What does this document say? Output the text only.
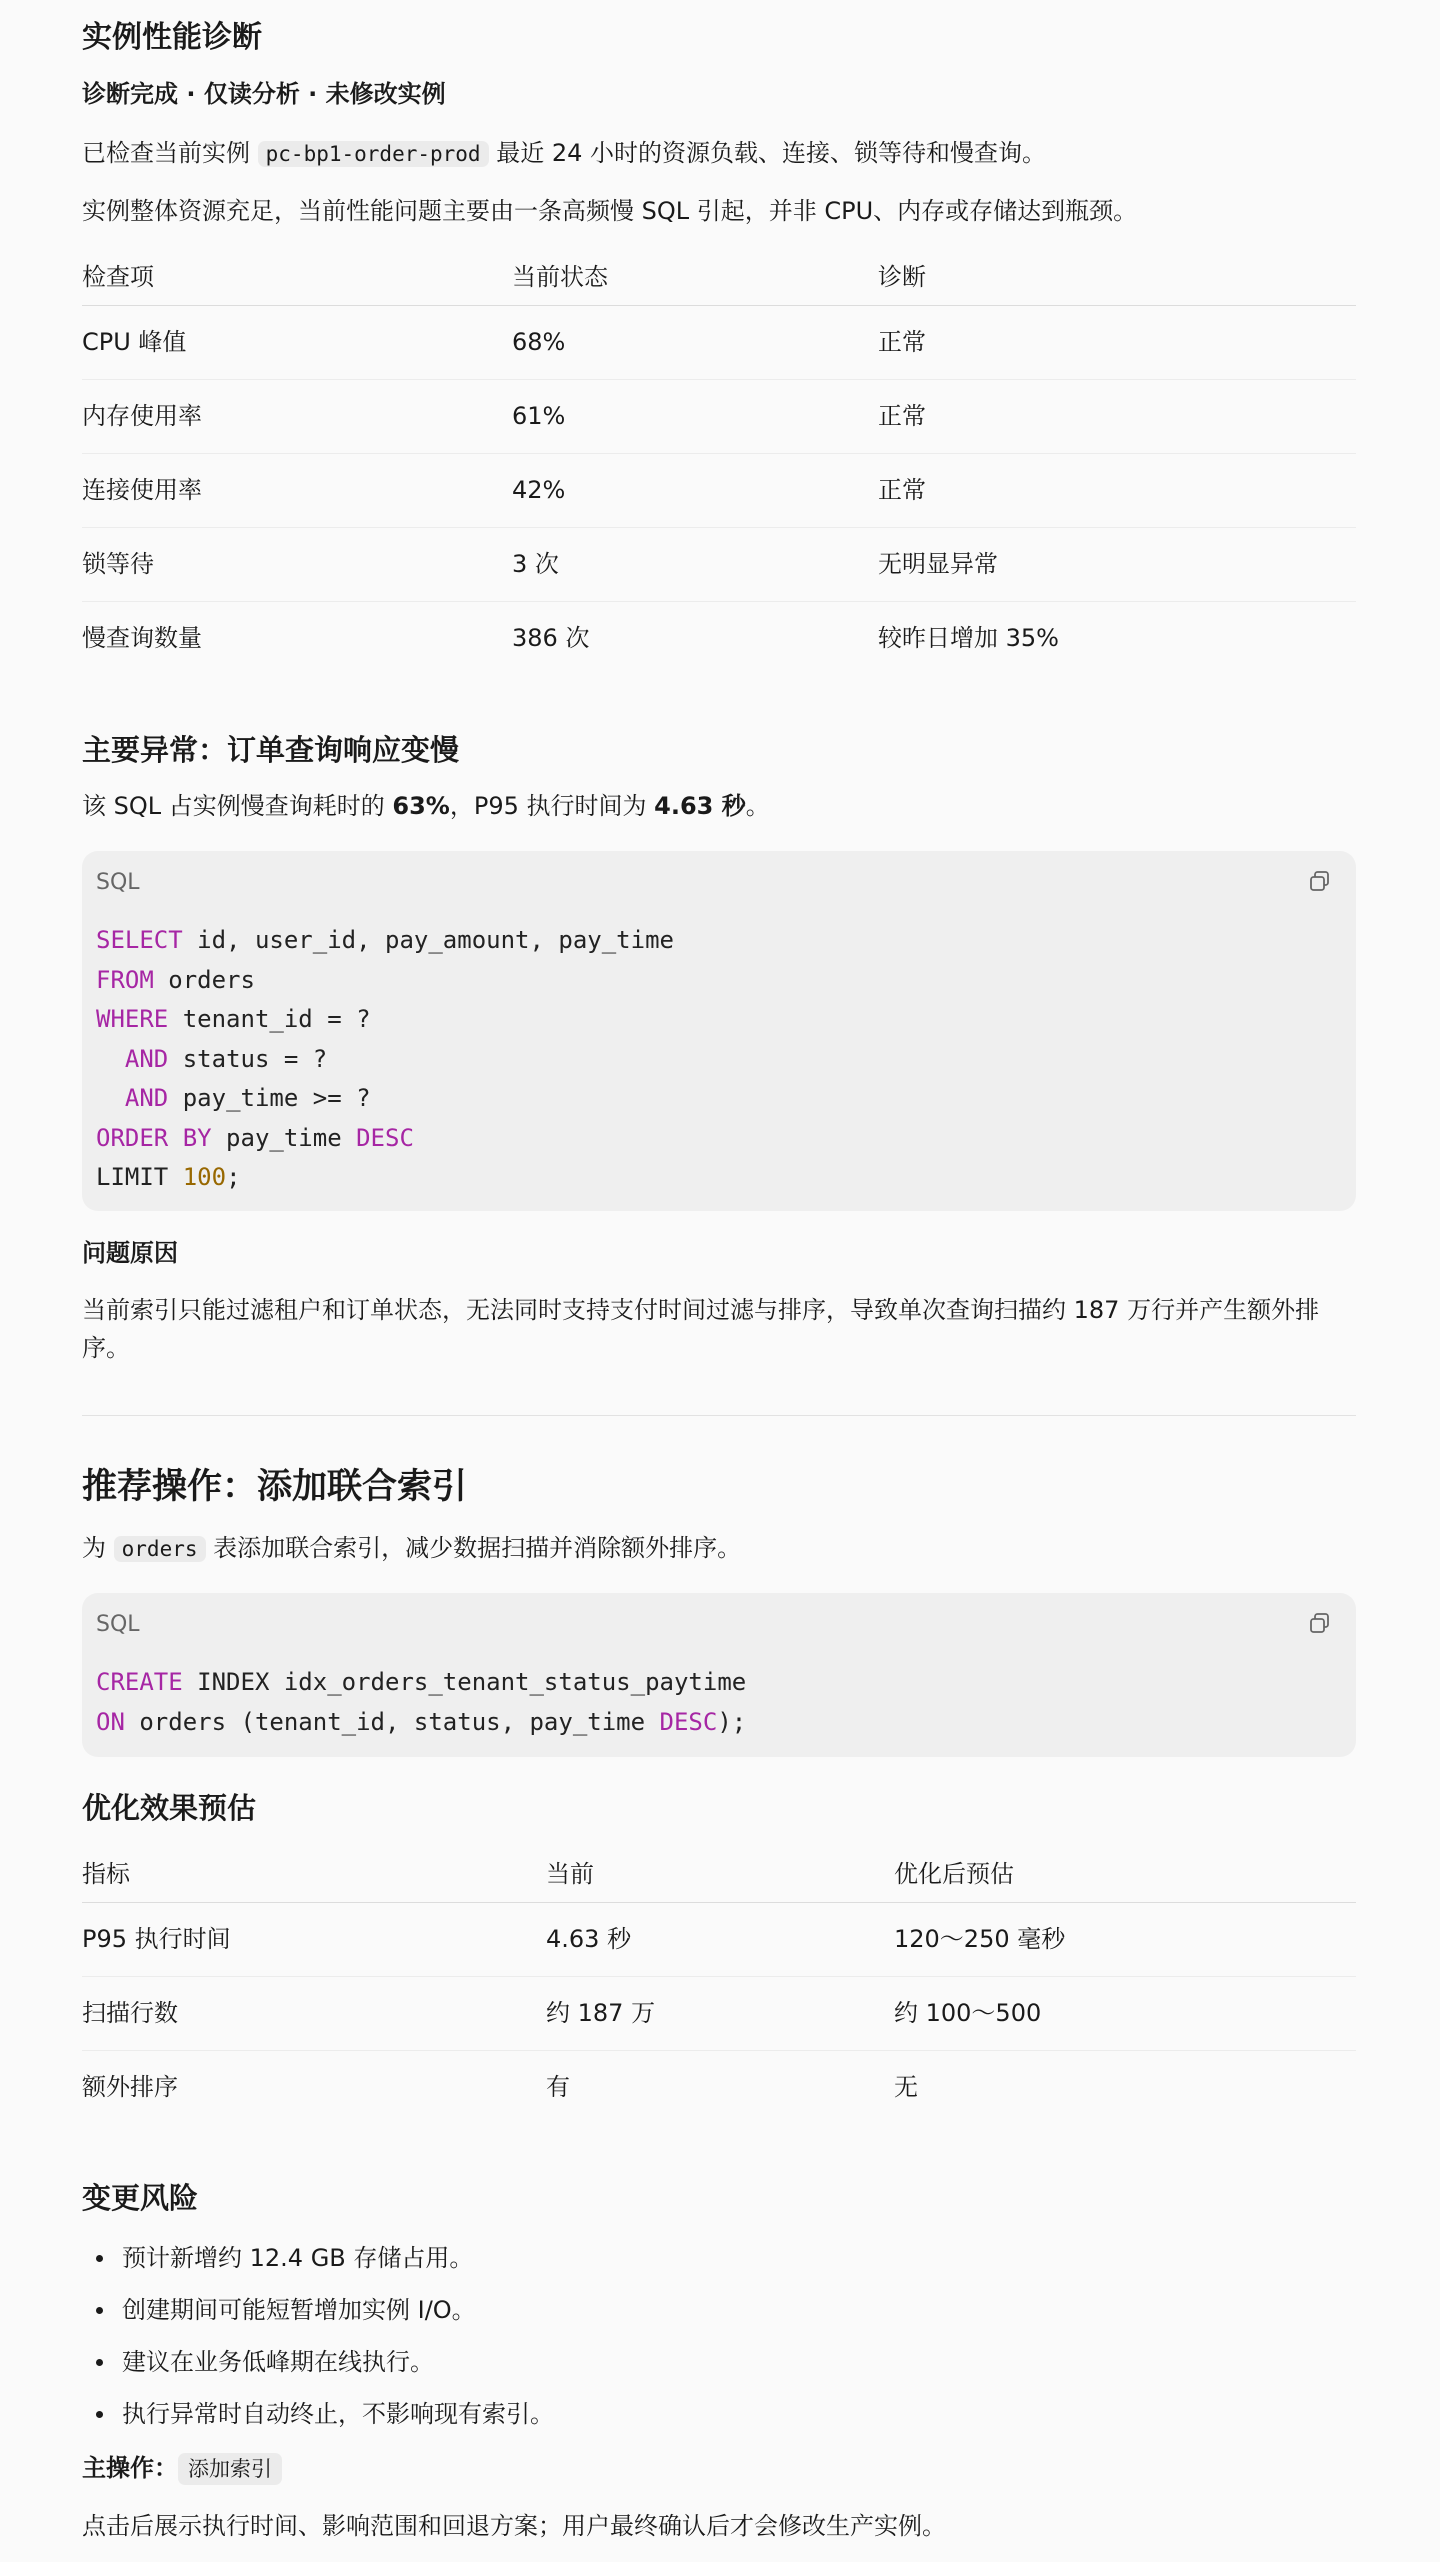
实例性能诊断
诊断完成 · 仅读分析 · 未修改实例
已检查当前实例 pc-bp1-order-prod 最近 24 小时的资源负载、连接、锁等待和慢查询。
实例整体资源充足，当前性能问题主要由一条高频慢 SQL 引起，并非 CPU、内存或存储达到瓶颈。
检查项	当前状态	诊断
CPU 峰值	68%	正常
内存使用率	61%	正常
连接使用率	42%	正常
锁等待	3 次	无明显异常
慢查询数量	386 次	较昨日增加 35%
主要异常：订单查询响应变慢
该 SQL 占实例慢查询耗时的 63%，P95 执行时间为 4.63 秒。
SQL
SELECT id, user_id, pay_amount, pay_time
FROM orders
WHERE tenant_id = ?
AND status = ?
AND pay_time >= ?
ORDER BY pay_time DESC
LIMIT 100;
问题原因
当前索引只能过滤租户和订单状态，无法同时支持支付时间过滤与排序，导致单次查询扫描约 187 万行并产生额外排序。
推荐操作：添加联合索引
为 orders 表添加联合索引，减少数据扫描并消除额外排序。
SQL
CREATE INDEX idx_orders_tenant_status_paytime
ON orders (tenant_id, status, pay_time DESC);
优化效果预估
指标	当前	优化后预估
P95 执行时间	4.63 秒	120～250 毫秒
扫描行数	约 187 万	约 100～500
额外排序	有	无
变更风险
预计新增约 12.4 GB 存储占用。
创建期间可能短暂增加实例 I/O。
建议在业务低峰期在线执行。
执行异常时自动终止，不影响现有索引。
主操作： 添加索引
点击后展示执行时间、影响范围和回退方案；用户最终确认后才会修改生产实例。
